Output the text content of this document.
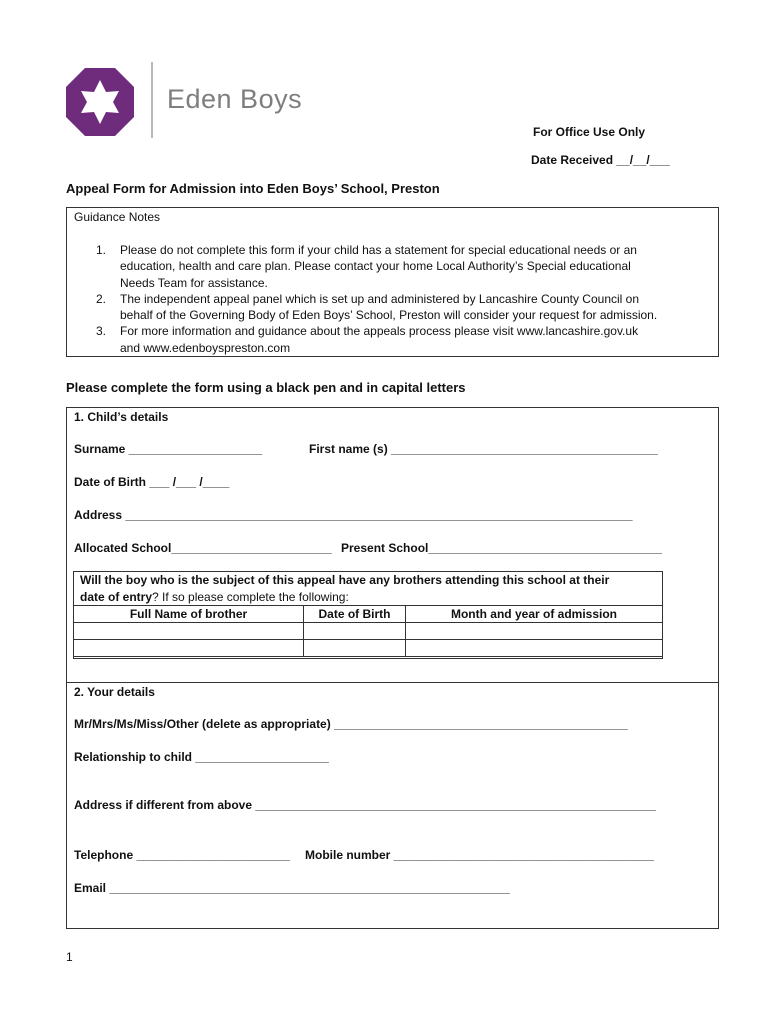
Eden Boys
For Office Use Only
Date Received __/__/___
Appeal Form for Admission into Eden Boys’ School, Preston
Guidance Notes
1. Please do not complete this form if your child has a statement for special educational needs or an
education, health and care plan. Please contact your home Local Authority’s Special educational
Needs Team for assistance.
2. The independent appeal panel which is set up and administered by Lancashire County Council on
behalf of the Governing Body of Eden Boys’ School, Preston will consider your request for admission.
3. For more information and guidance about the appeals process please visit www.lancashire.gov.uk
and www.edenboyspreston.com
Please complete the form using a black pen and in capital letters
1. Child’s details
Surname ____________________	First name (s) ________________________________________
Date of Birth ___ /___ /____
Address ____________________________________________________________________________
Allocated School________________________ Present School___________________________________
Will the boy who is the subject of this appeal have any brothers attending this school at their
date of entry? If so please complete the following:
Full Name of brother	Date of Birth	Month and year of admission

2. Your details
Mr/Mrs/Ms/Miss/Other (delete as appropriate) ____________________________________________
Relationship to child ____________________
Address if different from above ____________________________________________________________
Telephone _______________________ Mobile number _______________________________________
Email ____________________________________________________________
1
